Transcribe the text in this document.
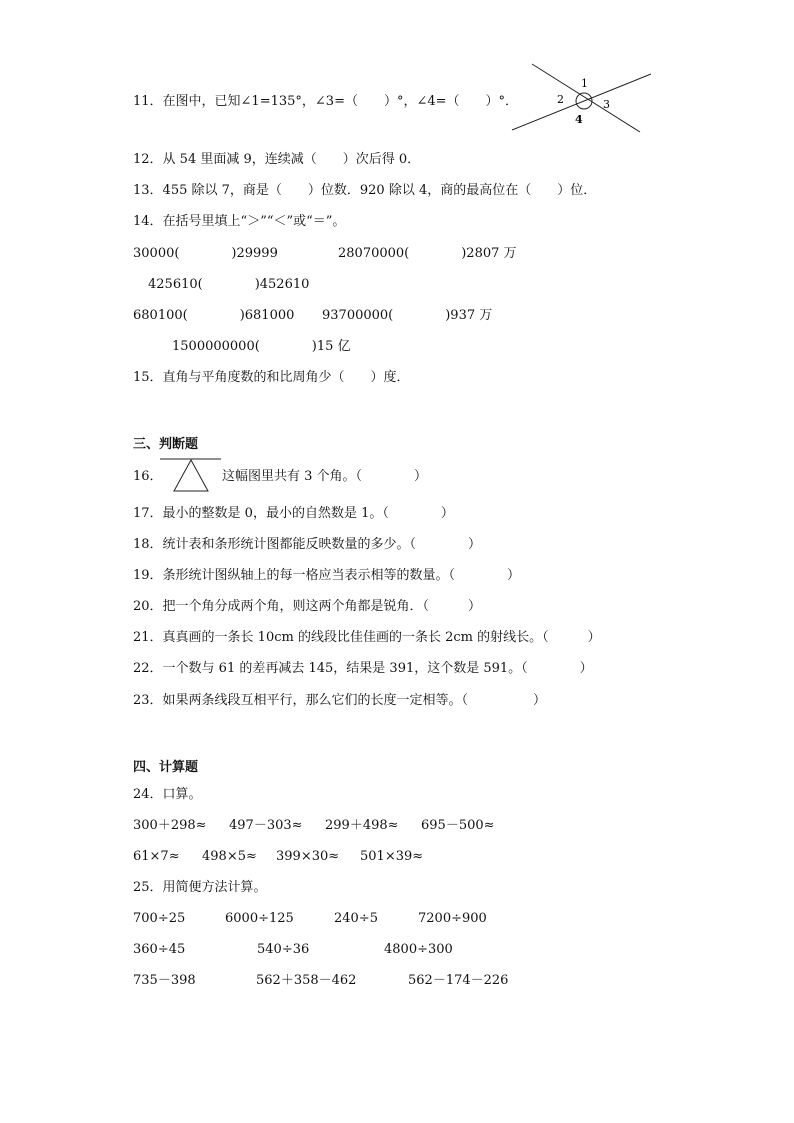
11．在图中，已知∠1=135°，∠3=（　　）°，∠4=（　　）°．
1
2	3
4
12．从 54 里面减 9，连续减（　　）次后得 0．
13．455 除以 7，商是（　　）位数．920 除以 4，商的最高位在（　　）位．
14．在括号里填上“＞”“＜”或“＝”。
30000(　　　　)29999	28070000(　　　　)2807 万
425610(　　　　)452610
680100(　　　　)681000 93700000(　　　　)937 万
1500000000(　　　　)15 亿
15．直角与平角度数的和比周角少（　　）度．
三、判断题
16．	这幅图里共有 3 个角。（　　　　）
17．最小的整数是 0，最小的自然数是 1。（　　　　）
18．统计表和条形统计图都能反映数量的多少。（　　　　）
19．条形统计图纵轴上的每一格应当表示相等的数量。（　　　　）
20．把一个角分成两个角，则这两个角都是锐角．（　　　）
21．真真画的一条长 10cm 的线段比佳佳画的一条长 2cm 的射线长。（　　　）
22．一个数与 61 的差再减去 145，结果是 391，这个数是 591。（　　　　）
23．如果两条线段互相平行，那么它们的长度一定相等。（　　　　　）
四、计算题
24．口算。
300＋298≈ 497－303≈ 299＋498≈ 695－500≈
61×7≈ 498×5≈ 399×30≈ 501×39≈
25．用简便方法计算。
700÷25	6000÷125	240÷5	7200÷900
360÷45	540÷36	4800÷300
735－398	562＋358－462	562－174－226
